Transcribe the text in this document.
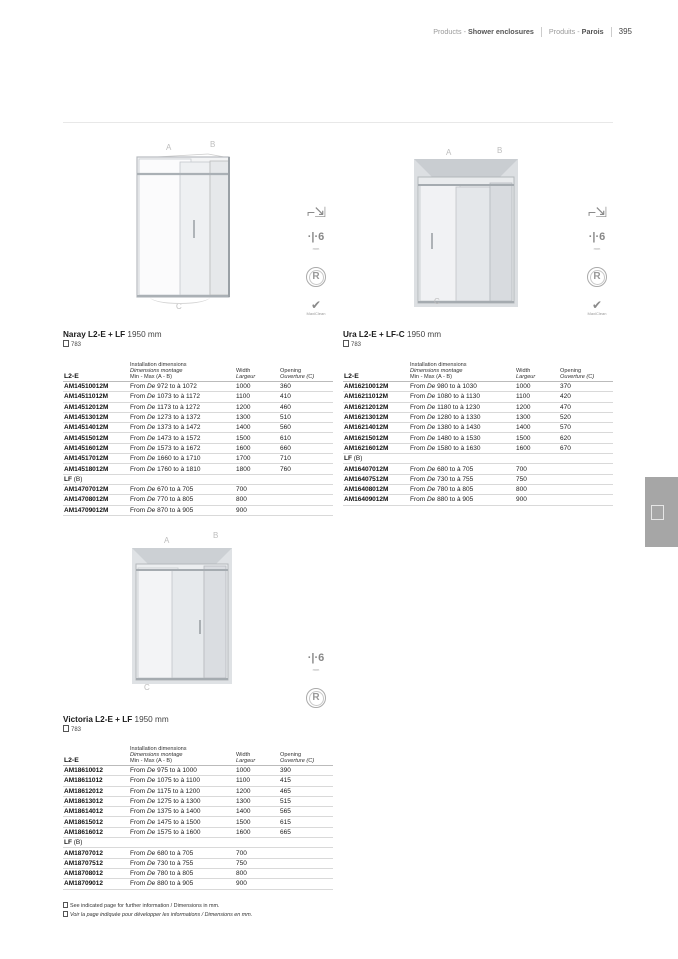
Products - Shower enclosures Produits - Parois 395
A	B
C
⌐⇲
·|·6
mm
R
✔
MaxiClean
Naray L2-E + LF 1950 mm
783
L2-E	Installation dimensions
Dimensions montage
Min - Max (A - B)	Width
Largeur	Opening
Ouverture (C)
AM14510012M	From De 972 to à 1072	1000	360
AM14511012M	From De 1073 to à 1172	1100	410
AM14512012M	From De 1173 to à 1272	1200	460
AM14513012M	From De 1273 to à 1372	1300	510
AM14514012M	From De 1373 to à 1472	1400	560
AM14515012M	From De 1473 to à 1572	1500	610
AM14516012M	From De 1573 to à 1672	1600	660
AM14517012M	From De 1660 to à 1710	1700	710
AM14518012M	From De 1760 to à 1810	1800	760
LF (B)			
AM14707012M	From De 670 to à 705	700	
AM14708012M	From De 770 to à 805	800	
AM14709012M	From De 870 to à 905	900	
A	B
C
⌐⇲
·|·6
mm
R
✔
MaxiClean
Ura L2-E + LF-C 1950 mm
783
L2-E	Installation dimensions
Dimensions montage
Min - Max (A - B)	Width
Largeur	Opening
Ouverture (C)
AM16210012M	From De 980 to à 1030	1000	370
AM16211012M	From De 1080 to à 1130	1100	420
AM16212012M	From De 1180 to à 1230	1200	470
AM16213012M	From De 1280 to à 1330	1300	520
AM16214012M	From De 1380 to à 1430	1400	570
AM16215012M	From De 1480 to à 1530	1500	620
AM16216012M	From De 1580 to à 1630	1600	670
LF (B)			
AM16407012M	From De 680 to à 705	700	
AM16407512M	From De 730 to à 755	750	
AM16408012M	From De 780 to à 805	800	
AM16409012M	From De 880 to à 905	900	
A
B
C
·|·6
mm
R
Victoria L2-E + LF 1950 mm
783
L2-E	Installation dimensions
Dimensions montage
Min - Max (A - B)	Width
Largeur	Opening
Ouverture (C)
AM18610012	From De 975 to à 1000	1000	390
AM18611012	From De 1075 to à 1100	1100	415
AM18612012	From De 1175 to à 1200	1200	465
AM18613012	From De 1275 to à 1300	1300	515
AM18614012	From De 1375 to à 1400	1400	565
AM18615012	From De 1475 to à 1500	1500	615
AM18616012	From De 1575 to à 1600	1600	665
LF (B)			
AM18707012	From De 680 to à 705	700	
AM18707512	From De 730 to à 755	750	
AM18708012	From De 780 to à 805	800	
AM18709012	From De 880 to à 905	900	
See indicated page for further information / Dimensions in mm.
Voir la page indiquée pour développer les informations / Dimensions en mm.
